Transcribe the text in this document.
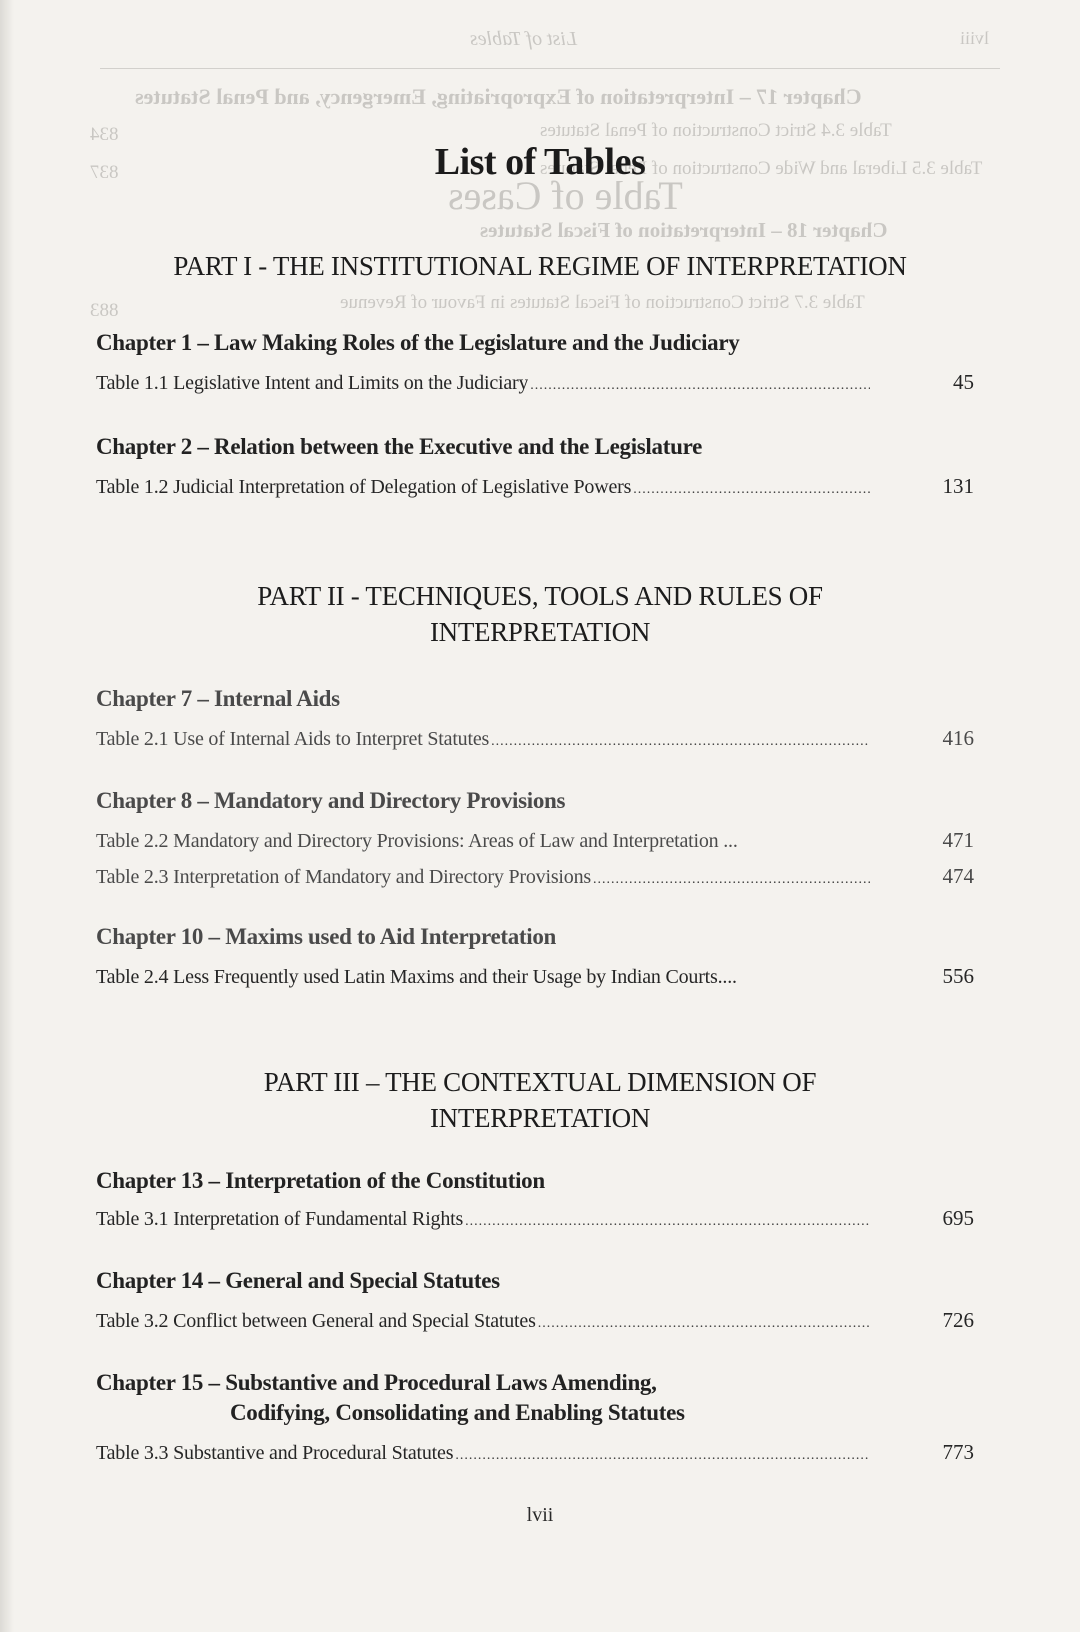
List of Tables	lviii
Chapter 17 – Interpretation of Expropriating, Emergency, and Penal Statutes
Table 3.4 Strict Construction of Penal Statutes
834
Table 3.5 Liberal and Wide Construction of Penal Statutes
837
Table of Cases
Chapter 18 – Interpretation of Fiscal Statutes
Table 3.7 Strict Construction of Fiscal Statutes in Favour of Revenue
883
List of Tables
PART I - THE INSTITUTIONAL REGIME OF INTERPRETATION
Chapter 1 – Law Making Roles of the Legislature and the Judiciary
Table 1.1 Legislative Intent and Limits on the Judiciary .....	45
Chapter 2 – Relation between the Executive and the Legislature
Table 1.2 Judicial Interpretation of Delegation of Legislative Powers .....	131
PART II - TECHNIQUES, TOOLS AND RULES OF
INTERPRETATION
Chapter 7 – Internal Aids
Table 2.1 Use of Internal Aids to Interpret Statutes .....	416
Chapter 8 – Mandatory and Directory Provisions
Table 2.2 Mandatory and Directory Provisions: Areas of Law and Interpretation ...	471
Table 2.3 Interpretation of Mandatory and Directory Provisions .....	474
Chapter 10 – Maxims used to Aid Interpretation
Table 2.4 Less Frequently used Latin Maxims and their Usage by Indian Courts....	556
PART III – THE CONTEXTUAL DIMENSION OF
INTERPRETATION
Chapter 13 – Interpretation of the Constitution
Table 3.1 Interpretation of Fundamental Rights .....	695
Chapter 14 – General and Special Statutes
Table 3.2 Conflict between General and Special Statutes .....	726
Chapter 15 – Substantive and Procedural Laws Amending,
Codifying, Consolidating and Enabling Statutes
Table 3.3 Substantive and Procedural Statutes .....	773
lvii
